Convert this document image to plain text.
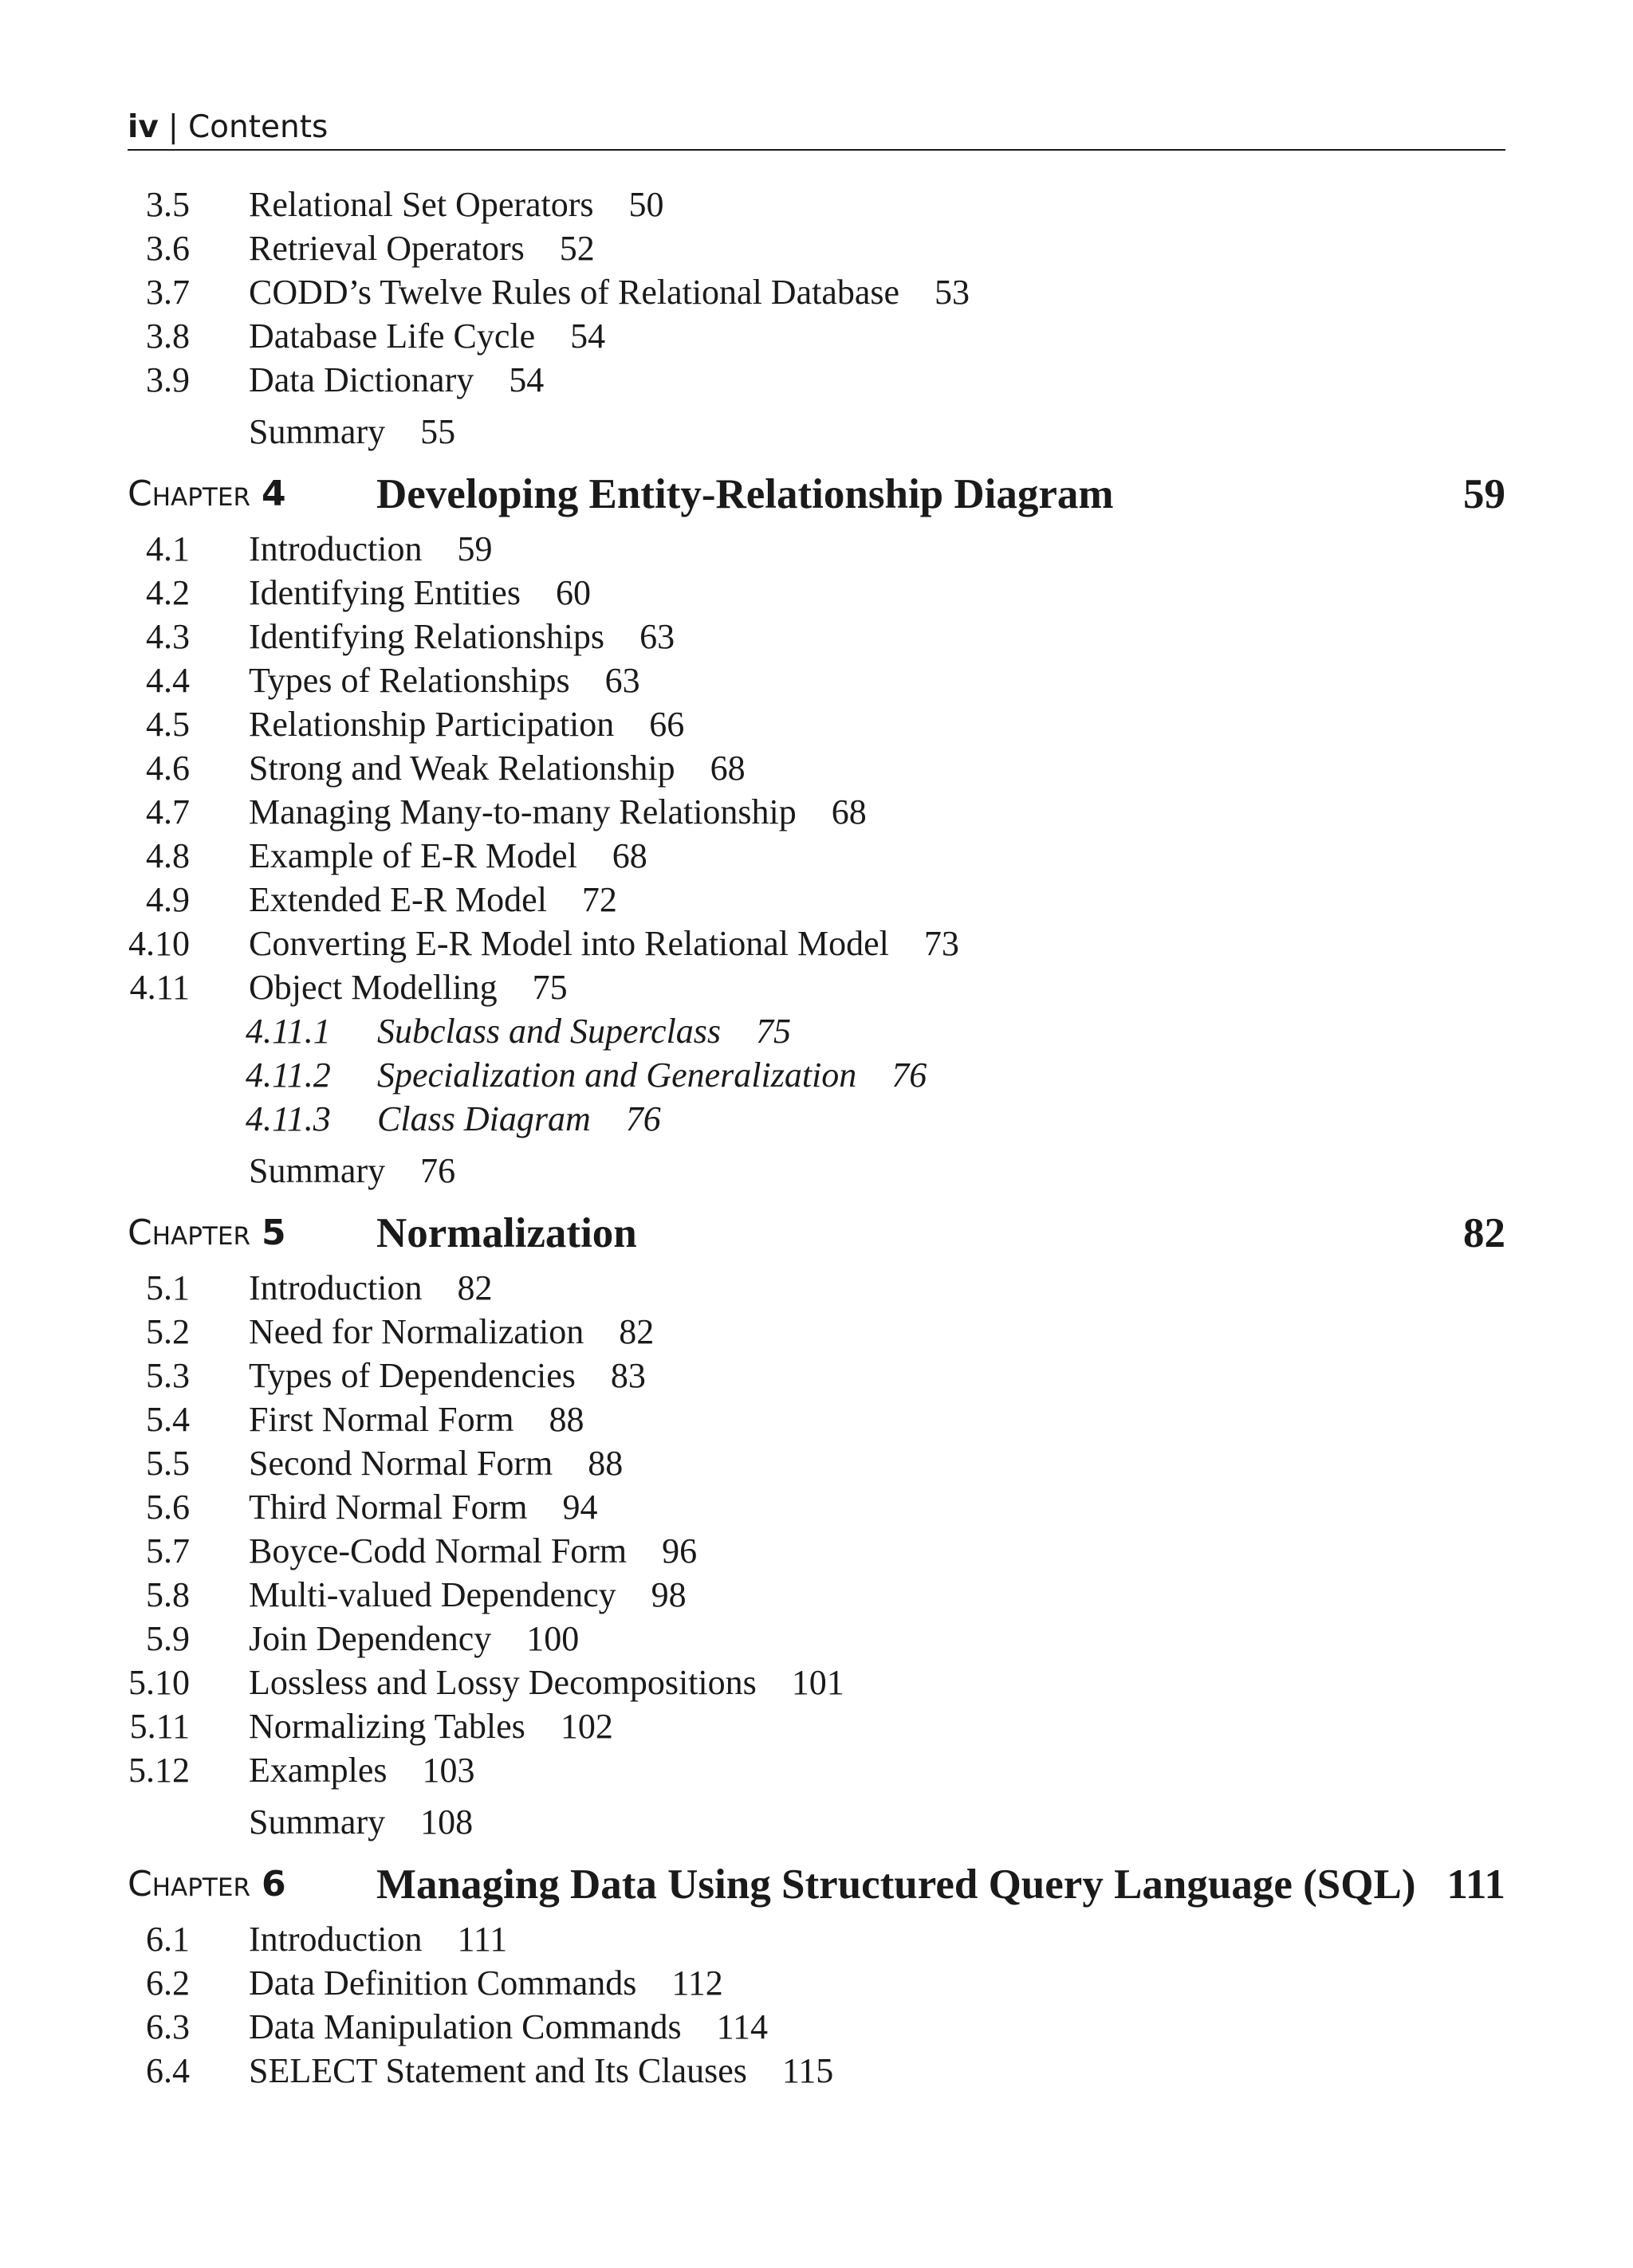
iv | Contents
3.5 Relational Set Operators 50
3.6 Retrieval Operators 52
3.7 CODD’s Twelve Rules of Relational Database 53
3.8 Database Life Cycle 54
3.9 Data Dictionary 54
Summary 55
Chapter 4 Developing Entity-Relationship Diagram	59
4.1 Introduction 59
4.2 Identifying Entities 60
4.3 Identifying Relationships 63
4.4 Types of Relationships 63
4.5 Relationship Participation 66
4.6 Strong and Weak Relationship 68
4.7 Managing Many-to-many Relationship 68
4.8 Example of E-R Model 68
4.9 Extended E-R Model 72
4.10 Converting E-R Model into Relational Model 73
4.11 Object Modelling 75
4.11.1 Subclass and Superclass 75
4.11.2 Specialization and Generalization 76
4.11.3 Class Diagram 76
Summary 76
Chapter 5 Normalization	82
5.1 Introduction 82
5.2 Need for Normalization 82
5.3 Types of Dependencies 83
5.4 First Normal Form 88
5.5 Second Normal Form 88
5.6 Third Normal Form 94
5.7 Boyce-Codd Normal Form 96
5.8 Multi-valued Dependency 98
5.9 Join Dependency 100
5.10 Lossless and Lossy Decompositions 101
5.11 Normalizing Tables 102
5.12 Examples 103
Summary 108
Chapter 6 Managing Data Using Structured Query Language (SQL) 111
6.1 Introduction 111
6.2 Data Definition Commands 112
6.3 Data Manipulation Commands 114
6.4 SELECT Statement and Its Clauses 115
